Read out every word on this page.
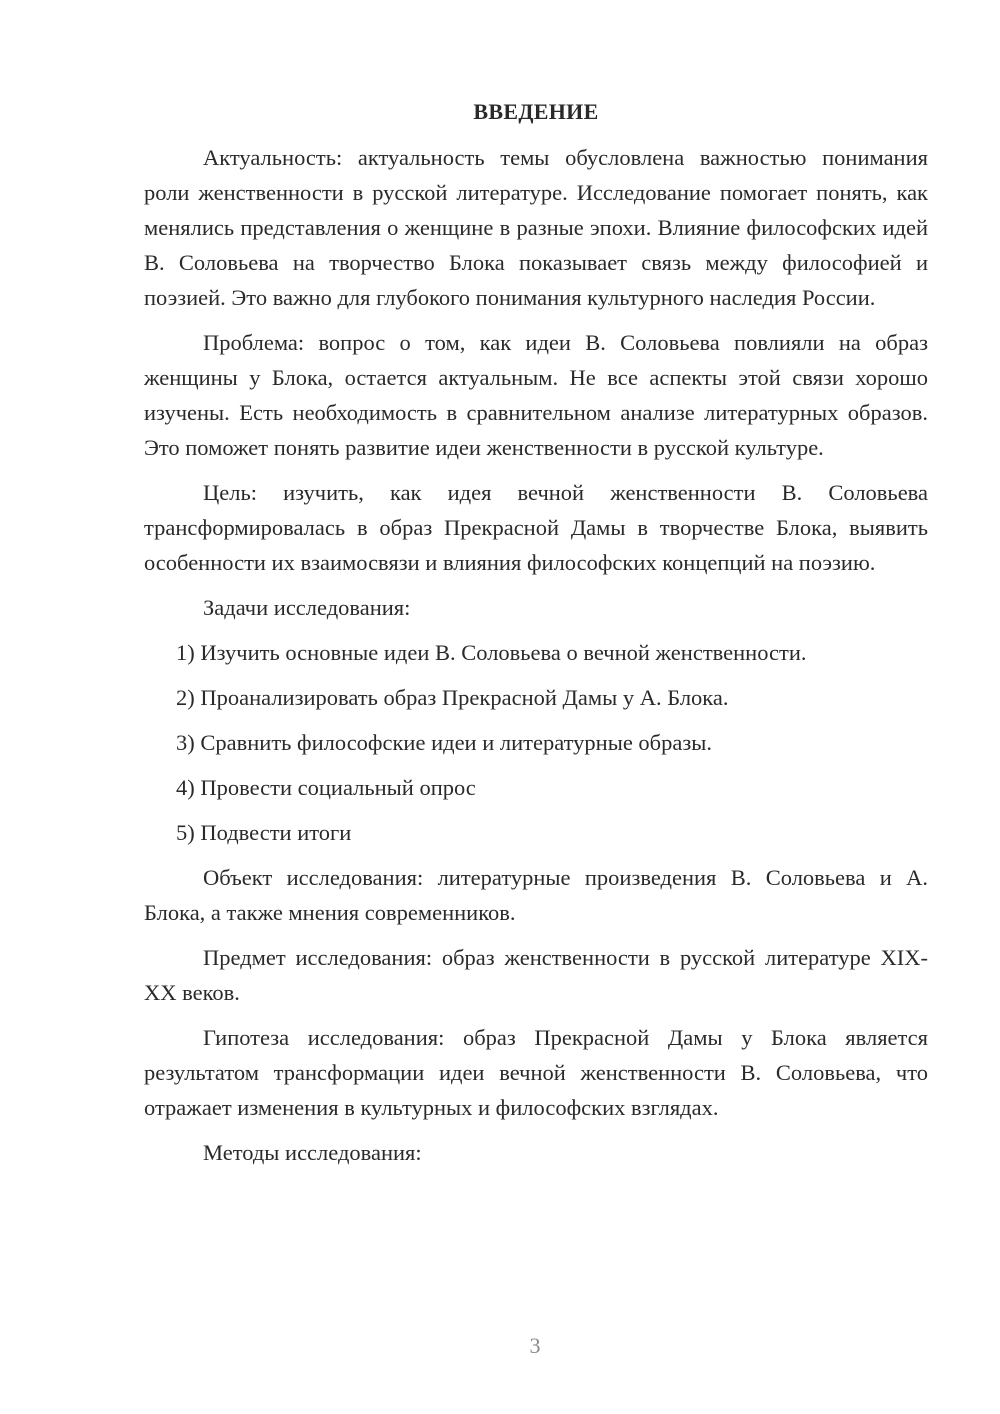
ВВЕДЕНИЕ

Актуальность: актуальность темы обусловлена важностью понимания роли женственности в русской литературе. Исследование помогает понять, как менялись представления о женщине в разные эпохи. Влияние философских идей В. Соловьева на творчество Блока показывает связь между философией и поэзией. Это важно для глубокого понимания культурного наследия России.

Проблема: вопрос о том, как идеи В. Соловьева повлияли на образ женщины у Блока, остается актуальным. Не все аспекты этой связи хорошо изучены. Есть необходимость в сравнительном анализе литературных образов. Это поможет понять развитие идеи женственности в русской культуре.

Цель: изучить, как идея вечной женственности В. Соловьева трансформировалась в образ Прекрасной Дамы в творчестве Блока, выявить особенности их взаимосвязи и влияния философских концепций на поэзию.

Задачи исследования:

1) Изучить основные идеи В. Соловьева о вечной женственности.

2) Проанализировать образ Прекрасной Дамы у А. Блока.

3) Сравнить философские идеи и литературные образы.

4) Провести социальный опрос

5) Подвести итоги

Объект исследования: литературные произведения В. Соловьева и А. Блока, а также мнения современников.

Предмет исследования: образ женственности в русской литературе XIX-XX веков.

Гипотеза исследования: образ Прекрасной Дамы у Блока является результатом трансформации идеи вечной женственности В. Соловьева, что отражает изменения в культурных и философских взглядах.

Методы исследования:

3
